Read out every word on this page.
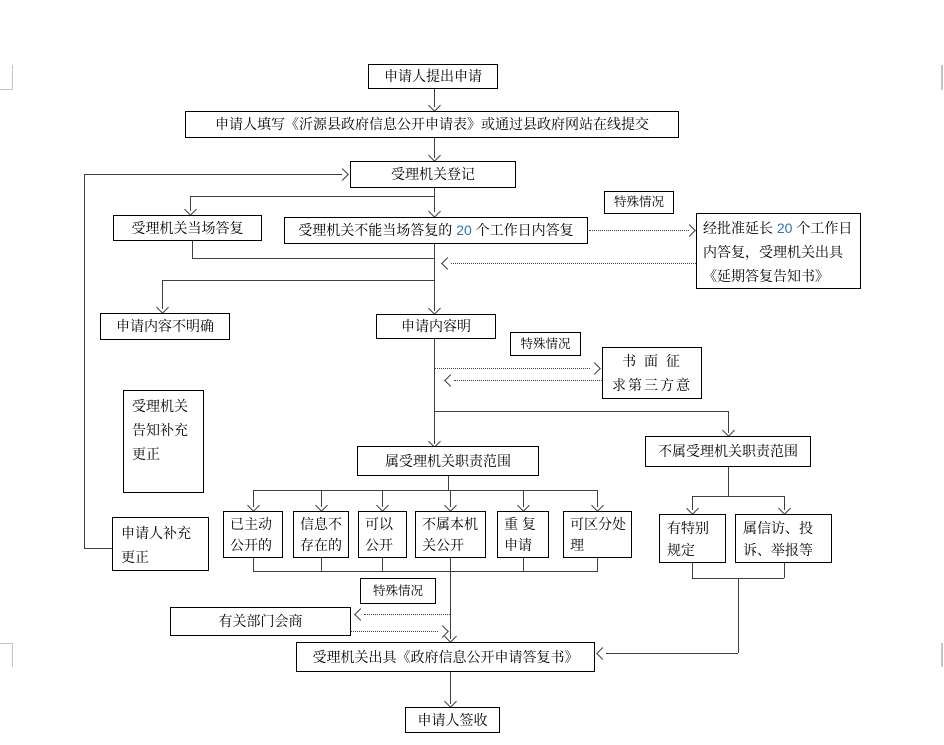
申请人提出申请
申请人填写《沂源县政府信息公开申请表》或通过县政府网站在线提交
受理机关登记
受理机关当场答复	受理机关不能当场答复的 20 个工作日内答复
特殊情况
经批准延长 20 个工作日
内答复，受理机关出具
《延期答复告知书》
申请内容不明确	申请内容明
特殊情况
书 面 征
求第三方意
受理机关
告知补充
更正
申请人补充
更正
属受理机关职责范围
不属受理机关职责范围
已主动
公开的
信息不
存在的
可以
公开
不属本机
关公开
重 复
申请
可区分处
理
有特别
规定
属信访、投
诉、举报等
特殊情况
有关部门会商
受理机关出具《政府信息公开申请答复书》
申请人签收
